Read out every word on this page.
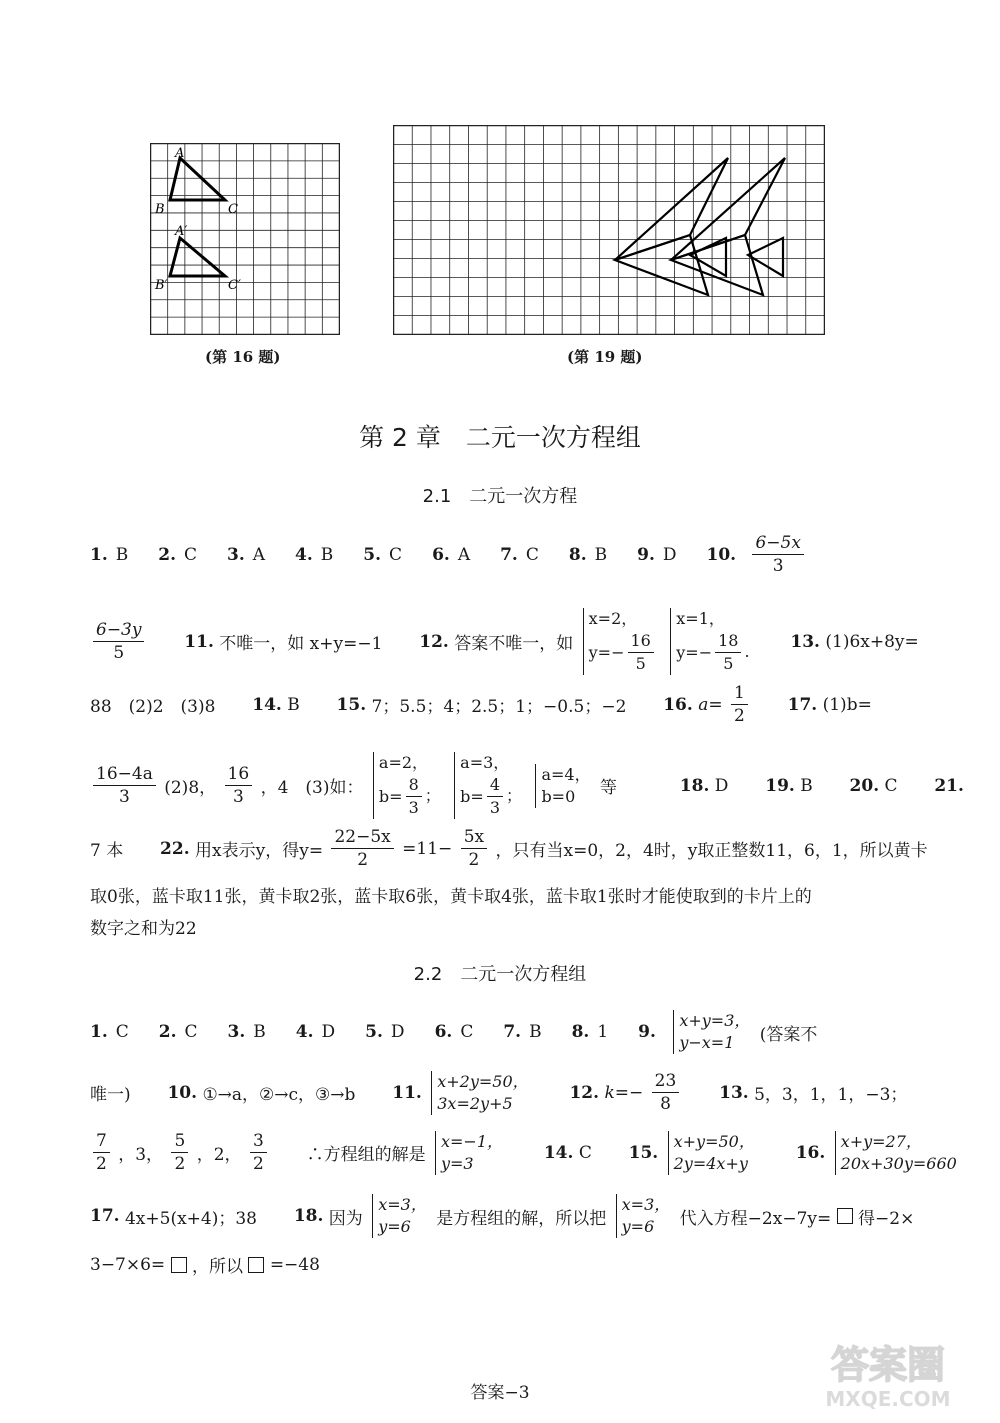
A
B	C
A′
B′	C′
(第 16 题)	(第 19 题)
第 2 章　二元一次方程组
2.1　二元一次方程
1. B 2. C 3. A 4. B 5. C 6. A 7. C 8. B 9. D 10. $\frac{6-5x}{3}$
$\frac{6-3y}{5} 11$. 不唯一，如 x+y=−1 12. 答案不唯一，如
x=2，
$y=- \frac{16}{5}$

x=1，
$y=- \frac{18}{5}$ . 13. (1)6x+8y=
88　(2)2　(3)8 14. B 15. 7；5.5；4；2.5；1；−0.5；−2 16. $a= \frac{1}{2} 17$. (1)b=
$\frac{16-4a}{3} (2)8$， $\frac{16}{3}$ ，4　(3)如：
a=2，
$b= \frac{8}{3}$ ；

a=3，
$b= \frac{4}{3}$ ；

a=4，
b=0	等	18. D 19. B 20. C 21.
7 本 22. 用x表示y，得$y= \frac{22-5x}{2} =11- \frac{5x}{2}$ ，只有当x=0，2，4时，y取正整数11，6，1，所以黄卡
取0张，蓝卡取11张，黄卡取2张，蓝卡取6张，黄卡取4张，蓝卡取1张时才能使取到的卡片上的
数字之和为22
2.2　二元一次方程组
1. C 2. C 3. B 4. D 5. D 6. C 7. B 8. 1 9.
x+y=3，
y−x=1	(答案不
唯一) 10. ①→a，②→c，③→b 11.
x+2y=50，
3x=2y+5
12. $k=- \frac{23}{8} 13$. 5，3，1，1，−3；
$\frac{7}{2}$ ，3， $\frac{5}{2}$ ，2， $\frac{3}{2}$ ∴方程组的解是
x=−1，
y=3
14. C 15.
x+y=50，
2y=4x+y
16.
x+y=27，
20x+30y=660
17. 4x+5(x+4)；38 18. 因为
x=3，
y=6	是方程组的解，所以把
x=3，
y=6	代入方程−2x−7y= 得−2×
3−7×6= ，所以 =−48
答案−3
答案圈
MXQE.COM
